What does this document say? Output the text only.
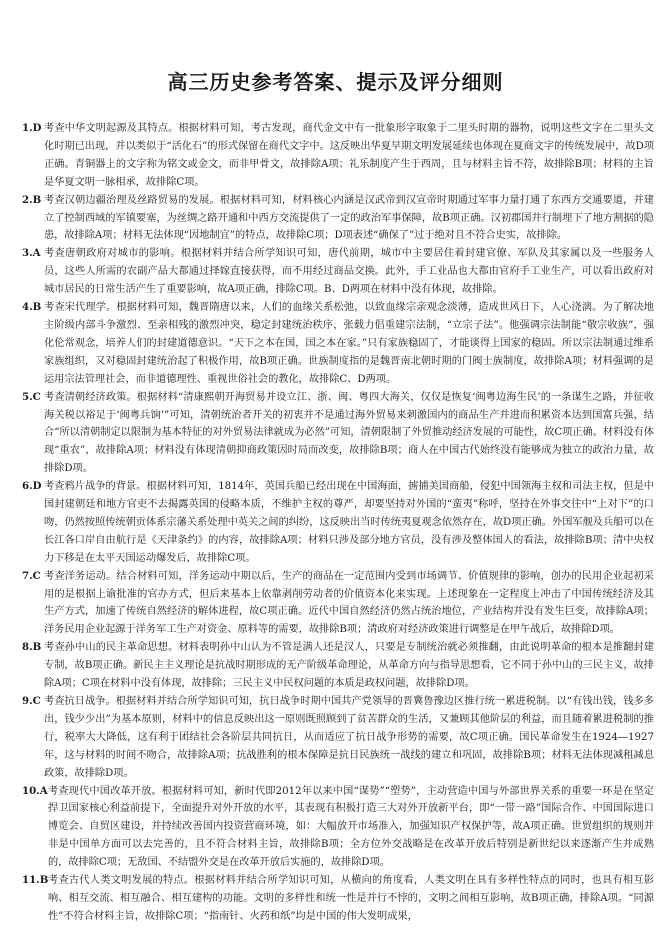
高三历史参考答案、提示及评分细则
1.D 考查中华文明起源及其特点。根据材料可知，考古发现，商代金文中有一批象形字取象于二里头时期的器物，说明这些文字在二里头文化时期已出现，并以类似于“活化石”的形式保留在商代文字中。这反映出华夏早期文明发展延续也体现在夏商文字的传统发展中，故D项正确。青铜器上的文字称为铭文或金文，而非甲骨文，故排除A项；礼乐制度产生于西周，且与材料主旨不符，故排除B项；材料的主旨是华夏文明一脉相承，故排除C项。
2.B 考查汉朝边疆治理及丝路贸易的发展。根据材料可知，材料核心内涵是汉武帝到汉宣帝时期通过军事力量打通了东西方交通要道，并建立了控制西域的军镇要塞，为丝绸之路开通和中西方交流提供了一定的政治军事保障，故B项正确。汉初郡国并行制埋下了地方割据的隐患，故排除A项；材料无法体现“因地制宜”的特点，故排除C项；D项表述“确保了”过于绝对且不符合史实，故排除。
3.A 考查唐朝政府对城市的影响。根据材料并结合所学知识可知，唐代前期，城市中主要居住着封建官僚、军队及其家属以及一些服务人员，这些人所需的农副产品大都通过择嫁直接获得，而不用经过商品交换。此外，手工业品也大都由官府手工业生产，可以看出政府对城市居民的日常生活产生了重要影响，故A项正确，排除C项。B、D两项在材料中没有体现，故排除。
4.B 考查宋代理学。根据材料可知，魏晋隋唐以来，人们的血缘关系松弛，以致血缘宗亲观念淡薄，造成世风日下，人心浇漓。为了解决地主阶级内部斗争激烈、至亲相残的激烈冲突，稳定封建统治秩序，张载力倡重建宗法制，“立宗子法”。他强调宗法制能“敬宗收族”，强化伦常观念，培养人们的封建道德意识。“天下之本在国，国之本在家。”只有家族稳固了，才能谈得上国家的稳固。所以宗法制通过维系家族组织，又对稳固封建统治起了积极作用，故B项正确。世族制度指的是魏晋南北朝时期的门阀士族制度，故排除A项；材料强调的是运用宗法管理社会，而非道德理性、重视世俗社会的教化，故排除C、D两项。
5.C 考查清朝经济政策。根据材料“清康熙朝开海贸易并设立江、浙、闽、粤四大海关，仅仅是恢复‘闽粤边海生民’的一条谋生之路，并征收海关税以裕足于‘闽粤兵饷’”可知，清朝统治者开关的初衷并不是通过海外贸易来刺激国内的商品生产并进而积累资本达到国富兵强，结合“所以清朝制定以限制为基本特征的对外贸易法律就成为必然”可知，清朝限制了外贸推动经济发展的可能性，故C项正确。材料没有体现“重农”，故排除A项；材料没有体现清朝抑商政策因时局而改变，故排除B项；商人在中国古代始终没有能够成为独立的政治力量，故排除D项。
6.D 考查鸦片战争的背景。根据材料可知，1814年，英国兵船已经出现在中国海面，掳捕美国商船，侵犯中国领海主权和司法主权，但是中国封建朝廷和地方官吏不去揭露英国的侵略本质，不维护主权的尊严，却要坚持对外国的“蛮夷”称呼，坚持在外事交往中“上对下”的口吻，仍然按照传统朝贡体系宗藩关系处理中英关之间的纠纷，这反映出当时传统夷夏观念依然存在，故D项正确。外国军舰及兵船可以在长江各口岸自由航行是《天津条约》的内容，故排除A项；材料只涉及部分地方官员，没有涉及整体国人的看法，故排除B项；清中央权力下移是在太平天国运动爆发后，故排除C项。
7.C 考查洋务运动。结合材料可知，洋务运动中期以后，生产的商品在一定范围内受到市场调节、价值规律的影响，创办的民用企业起初采用的是根据上谕批准的官办方式，但后来基本上依靠剥削劳动者的价值资本化来实现。上述现象在一定程度上冲击了中国传统经济及其生产方式，加速了传统自然经济的解体进程，故C项正确。近代中国自然经济仍然占统治地位，产业结构并没有发生巨变，故排除A项；洋务民用企业起源于洋务军工生产对资金、原料等的需要，故排除B项；清政府对经济政策进行调整是在甲午战后，故排除D项。
8.B 考查孙中山的民主革命思想。材料表明孙中山认为不管是满人还是汉人，只要是专制统治就必须推翻，由此说明革命的根本是推翻封建专制，故B项正确。新民主主义理论是抗战时期形成的无产阶级革命理论，从革命方向与指导思想看，它不同于孙中山的三民主义，故排除A项；C项在材料中没有体现，故排除；三民主义中民权问题的本质是政权问题，故排除D项。
9.C 考查抗日战争。根据材料并结合所学知识可知，抗日战争时期中国共产党领导的晋冀鲁豫边区推行统一累进税制。以“有钱出钱，钱多多出，钱少少出”为基本原则，材料中的信息反映出这一原则既照顾到了贫苦群众的生活，又兼顾其他阶层的利益，而且随着累进税制的推行，税率大大降低，这有利于团结社会各阶层共同抗日，从而适应了抗日战争形势的需要，故C项正确。国民革命发生在1924—1927年，这与材料的时间不吻合，故排除A项；抗战胜利的根本保障是抗日民族统一战线的建立和巩固，故排除B项；材料无法体现减租减息政策，故排除D项。
10.A 考查现代中国改革开放。根据材料可知，新时代即2012年以来中国“谋势”“塑势”，主动营造中国与外部世界关系的重要一环是在坚定捍卫国家核心利益前提下，全面提升对外开放的水平，其表现有积极打造三大对外开放新平台，即“一带一路”国际合作、中国国际进口博览会、自贸区建设，并持续改善国内投资营商环境，如：大幅放开市场准入，加强知识产权保护等，故A项正确。世贸组织的规则并非是中国单方面可以去完善的，且不符合材料主旨，故排除B项；全方位外交战略是在改革开放后特别是新世纪以来逐渐产生并成熟的，故排除C项；无敌国、不结盟外交是在改革开放后实施的，故排除D项。
11.B 考查古代人类文明发展的特点。根据材料并结合所学知识可知，从横向的角度看，人类文明在具有多样性特点的同时，也具有相互影响、相互交流、相互融合、相互建构的功能。文明的多样性和统一性是并行不悖的，文明之间相互影响，故B项正确，排除A项。“同源性”不符合材料主旨，故排除C项；“指南针、火药和纸”均是中国的伟大发明成果，
